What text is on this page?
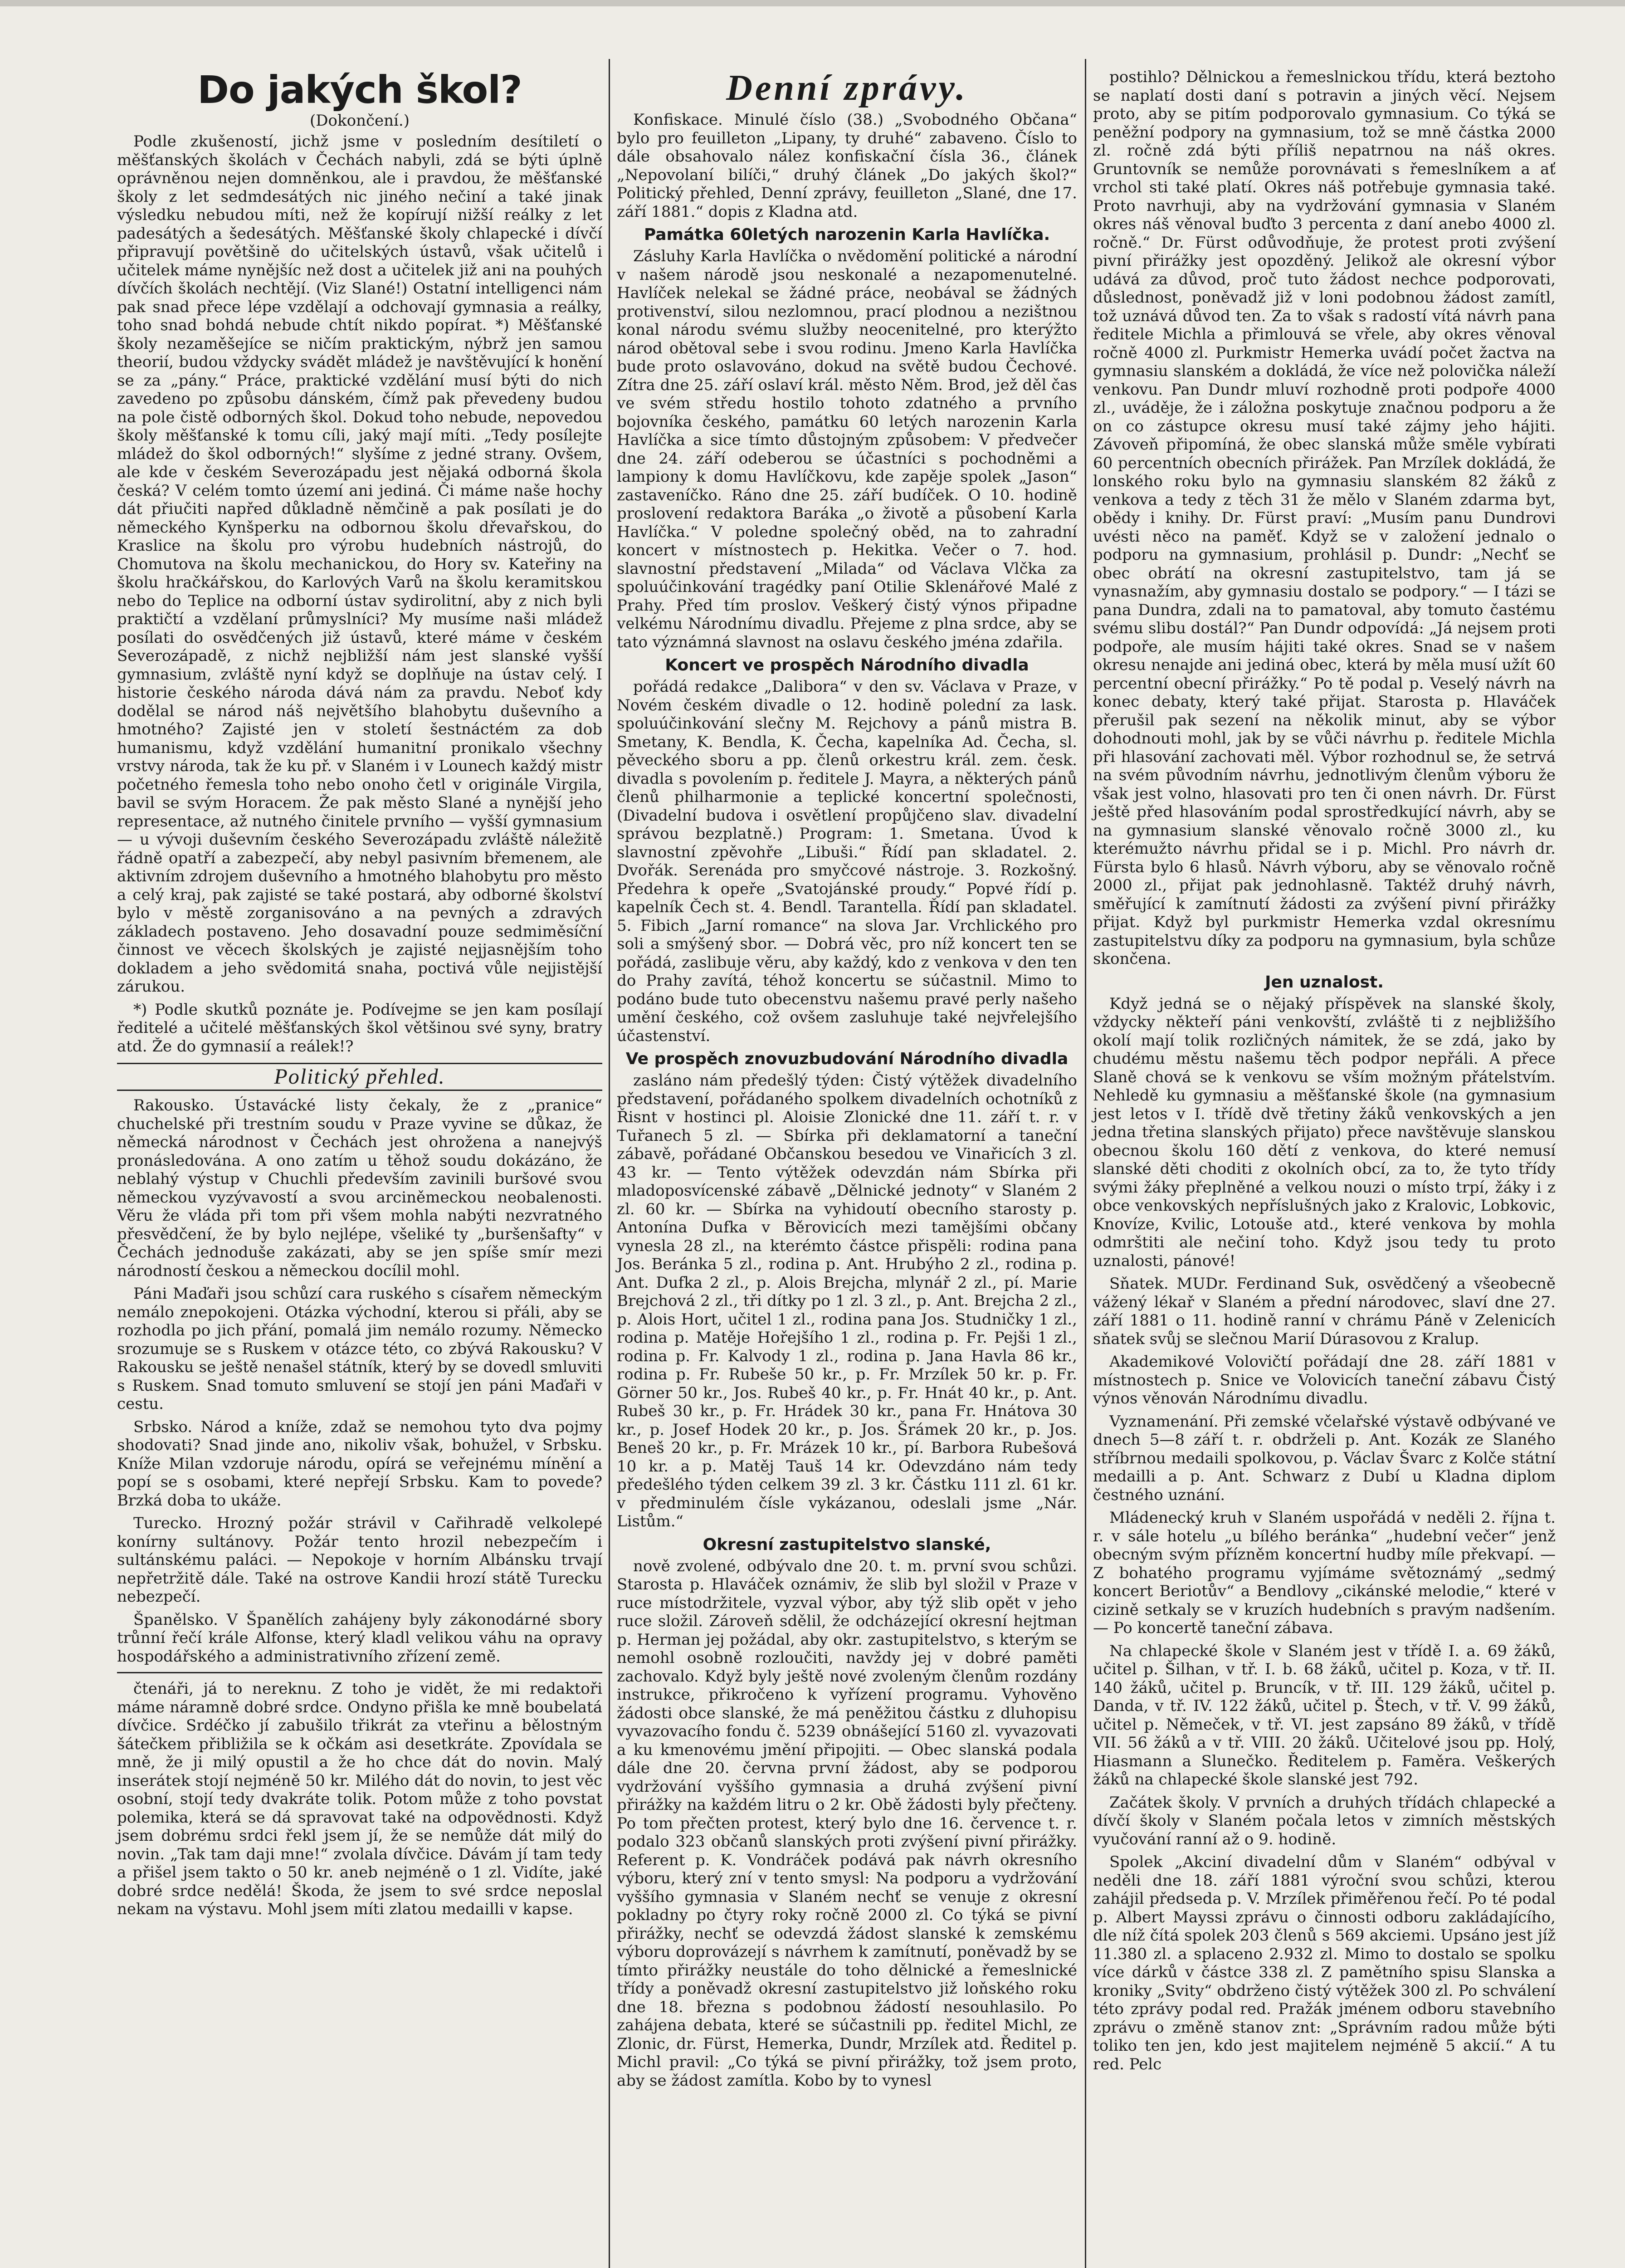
Do jakých škol?
(Dokončení.)

Podle zkušeností, jichž jsme v posledním desítiletí o měšťanských školách v Čechách nabyli, zdá se býti úplně oprávněnou nejen domněnkou, ale i pravdou, že měšťanské školy z let sedmdesátých nic jiného nečiní a také jinak výsledku nebudou míti, než že kopírují nižší reálky z let padesátých a šedesátých. Měšťanské školy chlapecké i dívčí připravují povětšině do učitelských ústavů, však učitelů i učitelek máme nynějšíc než dost a učitelek již ani na pouhých dívčích školách nechtějí. (Viz Slané!) Ostatní intelligenci nám pak snad přece lépe vzdělají a odchovají gymnasia a reálky, toho snad bohdá nebude chtít nikdo popírat. *) Měšťanské školy nezaměšejíce se ničím praktickým, nýbrž jen samou theorií, budou vždycky svádět mládež je navštěvující k honění se za „pány.“ Práce, praktické vzdělání musí býti do nich zavedeno po způsobu dánském, čímž pak převedeny budou na pole čistě odborných škol. Dokud toho nebude, nepovedou školy měšťanské k tomu cíli, jaký mají míti. „Tedy posílejte mládež do škol odborných!“ slyšíme z jedné strany. Ovšem, ale kde v českém Severozápadu jest nějaká odborná škola česká? V celém tomto území ani jediná. Či máme naše hochy dát přiučiti napřed důkladně němčině a pak posílati je do německého Kynšperku na odbornou školu dřevařskou, do Kraslice na školu pro výrobu hudebních nástrojů, do Chomutova na školu mechanickou, do Hory sv. Kateřiny na školu hračkářskou, do Karlových Varů na školu keramitskou nebo do Teplice na odborní ústav sydirolitní, aby z nich byli praktičtí a vzdělaní průmyslníci? My musíme naši mládež posílati do osvědčených již ústavů, které máme v českém Severozápadě, z nichž nejbližší nám jest slanské vyšší gymnasium, zvláště nyní když se doplňuje na ústav celý. I historie českého národa dává nám za pravdu. Neboť kdy dodělal se národ náš největšího blahobytu duševního a hmotného? Zajisté jen v století šestnáctém za dob humanismu, když vzdělání humanitní pronikalo všechny vrstvy národa, tak že ku př. v Slaném i v Lounech každý mistr početného řemesla toho nebo onoho četl v originále Virgila, bavil se svým Horacem. Že pak město Slané a nynější jeho representace, až nutného činitele prvního — vyšší gymnasium — u vývoji duševním českého Severozápadu zvláště náležitě řádně opatří a zabezpečí, aby nebyl pasivním břemenem, ale aktivním zdrojem duševního a hmotného blahobytu pro město a celý kraj, pak zajisté se také postará, aby odborné školství bylo v městě zorganisováno a na pevných a zdravých základech postaveno. Jeho dosavadní pouze sedmiměsíční činnost ve věcech školských je zajisté nejjasnějším toho dokladem a jeho svědomitá snaha, poctivá vůle nejjistější zárukou.

*) Podle skutků poznáte je. Podívejme se jen kam posílají ředitelé a učitelé měšťanských škol většinou své syny, bratry atd. Že do gymnasií a reálek!?

Politický přehled.

Rakousko. Ústavácké listy čekaly, že z „pranice“ chuchelské při trestním soudu v Praze vyvine se důkaz, že německá národnost v Čechách jest ohrožena a nanejvýš pronásledována. A ono zatím u těhož soudu dokázáno, že neblahý výstup v Chuchli především zavinili buršové svou německou vyzývavostí a svou arciněmeckou neobalenosti. Věru že vláda při tom při všem mohla nabýti nezvratného přesvědčení, že by bylo nejlépe, všeliké ty „buršenšafty“ v Čechách jednoduše zakázati, aby se jen spíše smír mezi národností českou a německou docílil mohl.

Páni Maďaři jsou schůzí cara ruského s císařem německým nemálo znepokojeni. Otázka východní, kterou si přáli, aby se rozhodla po jich přání, pomalá jim nemálo rozumy. Německo srozumuje se s Ruskem v otázce této, co zbývá Rakousku? V Rakousku se ještě nenašel státník, který by se dovedl smluviti s Ruskem. Snad tomuto smluvení se stojí jen páni Maďaři v cestu.

Srbsko. Národ a kníže, zdaž se nemohou tyto dva pojmy shodovati? Snad jinde ano, nikoliv však, bohužel, v Srbsku. Kníže Milan vzdoruje národu, opírá se veřejnému mínění a popí se s osobami, které nepřejí Srbsku. Kam to povede? Brzká doba to ukáže.

Turecko. Hrozný požár strávil v Cařihradě velkolepé konírny sultánovy. Požár tento hrozil nebezpečím i sultánskému paláci. — Nepokoje v horním Albánsku trvají nepřetržitě dále. Také na ostrove Kandii hrozí státě Turecku nebezpečí.

Španělsko. V Španělích zahájeny byly zákonodárné sbory trůnní řečí krále Alfonse, který kladl velikou váhu na opravy hospodářského a administrativního zřízení země.

čtenáři, já to nereknu. Z toho je vidět, že mi redaktoři máme náramně dobré srdce. Ondyno přišla ke mně boubelatá dívčice. Srdéčko jí zabušilo třikrát za vteřinu a bělostným šátečkem přibližila se k očkám asi desetkráte. Zpovídala se mně, že ji milý opustil a že ho chce dát do novin. Malý inserátek stojí nejméně 50 kr. Milého dát do novin, to jest věc osobní, stojí tedy dvakráte tolik. Potom může z toho povstat polemika, která se dá spravovat také na odpovědnosti. Když jsem dobrému srdci řekl jsem jí, že se nemůže dát milý do novin. „Tak tam daji mne!“ zvolala dívčice. Dávám jí tam tedy a přišel jsem takto o 50 kr. aneb nejméně o 1 zl. Vidíte, jaké dobré srdce nedělá! Škoda, že jsem to své srdce neposlal nekam na výstavu. Mohl jsem míti zlatou medailli v kapse.

Denní zprávy.

Konfiskace. Minulé číslo (38.) „Svobodného Občana“ bylo pro feuilleton „Lipany, ty druhé“ zabaveno. Číslo to dále obsahovalo nález konfiskační čísla 36., článek „Nepovolaní bilíči,“ druhý článek „Do jakých škol?“ Politický přehled, Denní zprávy, feuilleton „Slané, dne 17. září 1881.“ dopis z Kladna atd.

Památka 60letých narozenin Karla Havlíčka.

Zásluhy Karla Havlíčka o nvědomění politické a národní v našem národě jsou neskonalé a nezapomenutelné. Havlíček nelekal se žádné práce, neobával se žádných protivenství, silou nezlomnou, prací plodnou a nezištnou konal národu svému služby neocenitelné, pro kterýžto národ obětoval sebe i svou rodinu. Jmeno Karla Havlíčka bude proto oslavováno, dokud na světě budou Čechové. Zítra dne 25. září oslaví král. město Něm. Brod, jež děl čas ve svém středu hostilo tohoto zdatného a prvního bojovníka českého, památku 60 letých narozenin Karla Havlíčka a sice tímto důstojným způsobem: V předvečer dne 24. září odeberou se účastníci s pochodněmi a lampiony k domu Havlíčkovu, kde zapěje spolek „Jason“ zastaveníčko. Ráno dne 25. září budíček. O 10. hodině proslovení redaktora Baráka „o životě a působení Karla Havlíčka.“ V poledne společný oběd, na to zahradní koncert v místnostech p. Hekitka. Večer o 7. hod. slavnostní představení „Milada“ od Václava Vlčka za spoluúčinkování tragédky paní Otilie Sklenářové Malé z Prahy. Před tím proslov. Veškerý čistý výnos připadne velkému Národnímu divadlu. Přejeme z plna srdce, aby se tato význámná slavnost na oslavu českého jména zdařila.

Koncert ve prospěch Národního divadla

pořádá redakce „Dalibora“ v den sv. Václava v Praze, v Novém českém divadle o 12. hodině polední za lask. spoluúčinkování slečny M. Rejchovy a pánů mistra B. Smetany, K. Bendla, K. Čecha, kapelníka Ad. Čecha, sl. pěveckého sboru a pp. členů orkestru král. zem. česk. divadla s povolením p. ředitele J. Mayra, a některých pánů členů philharmonie a teplické koncertní společnosti, (Divadelní budova i osvětlení propůjčeno slav. divadelní správou bezplatně.) Program: 1. Smetana. Úvod k slavnostní zpěvohře „Libuši.“ Řídí pan skladatel. 2. Dvořák. Serenáda pro smyčcové nástroje. 3. Rozkošný. Předehra k opeře „Svatojánské proudy.“ Popvé řídí p. kapelník Čech st. 4. Bendl. Tarantella. Řídí pan skladatel. 5. Fibich „Jarní romance“ na slova Jar. Vrchlického pro soli a smýšený sbor. — Dobrá věc, pro níž koncert ten se pořádá, zaslibuje věru, aby každý, kdo z venkova v den ten do Prahy zavítá, téhož koncertu se súčastnil. Mimo to podáno bude tuto obecenstvu našemu pravé perly našeho umění českého, což ovšem zasluhuje také nejvřelejšího účastenství.

Ve prospěch znovuzbudování Národního divadla

zasláno nám předešlý týden: Čistý výtěžek divadelního představení, pořádaného spolkem divadelních ochotníků z Řisnt v hostinci pl. Aloisie Zlonické dne 11. září t. r. v Tuřanech 5 zl. — Sbírka při deklamatorní a taneční zábavě, pořádané Občanskou besedou ve Vinařicích 3 zl. 43 kr. — Tento výtěžek odevzdán nám Sbírka při mladoposvícenské zábavě „Dělnické jednoty“ v Slaném 2 zl. 60 kr. — Sbírka na vyhidoutí obecního starosty p. Antonína Dufka v Běrovicích mezi tamějšími občany vynesla 28 zl., na kterémto částce přispěli: rodina pana Jos. Beránka 5 zl., rodina p. Ant. Hrubýho 2 zl., rodina p. Ant. Dufka 2 zl., p. Alois Brejcha, mlynář 2 zl., pí. Marie Brejchová 2 zl., tři dítky po 1 zl. 3 zl., p. Ant. Brejcha 2 zl., p. Alois Hort, učitel 1 zl., rodina pana Jos. Studničky 1 zl., rodina p. Matěje Hořejšího 1 zl., rodina p. Fr. Pejši 1 zl., rodina p. Fr. Kalvody 1 zl., rodina p. Jana Havla 86 kr., rodina p. Fr. Rubeše 50 kr., p. Fr. Mrzílek 50 kr. p. Fr. Görner 50 kr., Jos. Rubeš 40 kr., p. Fr. Hnát 40 kr., p. Ant. Rubeš 30 kr., p. Fr. Hrádek 30 kr., pana Fr. Hnátova 30 kr., p. Josef Hodek 20 kr., p. Jos. Šrámek 20 kr., p. Jos. Beneš 20 kr., p. Fr. Mrázek 10 kr., pí. Barbora Rubešová 10 kr. a p. Matěj Tauš 14 kr. Odevzdáno nám tedy předešlého týden celkem 39 zl. 3 kr. Částku 111 zl. 61 kr. v předminulém čísle vykázanou, odeslali jsme „Nár. Listům.“

Okresní zastupitelstvo slanské,

nově zvolené, odbývalo dne 20. t. m. první svou schůzi. Starosta p. Hlaváček oznámiv, že slib byl složil v Praze v ruce místodržitele, vyzval výbor, aby týž slib opět v jeho ruce složil. Zároveň sdělil, že odcházející okresní hejtman p. Herman jej požádal, aby okr. zastupitelstvo, s kterým se nemohl osobně rozloučiti, navždy jej v dobré paměti zachovalo. Když byly ještě nové zvoleným členům rozdány instrukce, přikročeno k vyřízení programu. Vyhověno žádosti obce slanské, že má peněžitou částku z dluhopisu vyvazovacího fondu č. 5239 obnášející 5160 zl. vyvazovati a ku kmenovému jmění připojiti. — Obec slanská podala dále dne 20. června první žádost, aby se podporou vydržování vyššího gymnasia a druhá zvýšení pivní přirážky na každém litru o 2 kr. Obě žádosti byly přečteny. Po tom přečten protest, který bylo dne 16. července t. r. podalo 323 občanů slanských proti zvýšení pivní přirážky. Referent p. K. Vondráček podává pak návrh okresního výboru, který zní v tento smysl: Na podporu a vydržování vyššího gymnasia v Slaném nechť se venuje z okresní pokladny po čtyry roky ročně 2000 zl. Co týká se pivní přirážky, nechť se odevzdá žádost slanské k zemskému výboru doprovázejí s návrhem k zamítnutí, poněvadž by se tímto přirážky neustále do toho dělnické a řemeslnické třídy a poněvadž okresní zastupitelstvo již loňského roku dne 18. března s podobnou žádostí nesouhlasilo. Po zahájena debata, které se súčastnili pp. ředitel Michl, ze Zlonic, dr. Fürst, Hemerka, Dundr, Mrzílek atd. Ředitel p. Michl pravil: „Co týká se pivní přirážky, tož jsem proto, aby se žádost zamítla. Kobo by to vynesl

postihlo? Dělnickou a řemeslnickou třídu, která beztoho se naplatí dosti daní s potravin a jiných věcí. Nejsem proto, aby se pitím podporovalo gymnasium. Co týká se peněžní podpory na gymnasium, tož se mně částka 2000 zl. ročně zdá býti příliš nepatrnou na náš okres. Gruntovník se nemůže porovnávati s řemeslníkem a ať vrchol sti také platí. Okres náš potřebuje gymnasia také. Proto navrhuji, aby na vydržování gymnasia v Slaném okres náš věnoval buďto 3 percenta z daní anebo 4000 zl. ročně.“ Dr. Fürst odůvodňuje, že protest proti zvýšení pivní přirážky jest opozděný. Jelikož ale okresní výbor udává za důvod, proč tuto žádost nechce podporovati, důslednost, poněvadž již v loni podobnou žádost zamítl, tož uznává důvod ten. Za to však s radostí vítá návrh pana ředitele Michla a přimlouvá se vřele, aby okres věnoval ročně 4000 zl. Purkmistr Hemerka uvádí počet žactva na gymnasiu slanském a dokládá, že více než polovička náleží venkovu. Pan Dundr mluví rozhodně proti podpoře 4000 zl., uváděje, že i záložna poskytuje značnou podporu a že on co zástupce okresu musí také zájmy jeho hájiti. Závoveň připomíná, že obec slanská může směle vybírati 60 percentních obecních přirážek. Pan Mrzílek dokládá, že lonského roku bylo na gymnasiu slanském 82 žáků z venkova a tedy z těch 31 že mělo v Slaném zdarma byt, obědy i knihy. Dr. Fürst praví: „Musím panu Dundrovi uvésti něco na paměť. Když se v založení jednalo o podporu na gymnasium, prohlásil p. Dundr: „Nechť se obec obrátí na okresní zastupitelstvo, tam já se vynasnažím, aby gymnasiu dostalo se podpory.“ — I tázi se pana Dundra, zdali na to pamatoval, aby tomuto častému svému slibu dostál?“ Pan Dundr odpovídá: „Já nejsem proti podpoře, ale musím hájiti také okres. Snad se v našem okresu nenajde ani jediná obec, která by měla musí užít 60 percentní obecní přirážky.“ Po tě podal p. Veselý návrh na konec debaty, který také přijat. Starosta p. Hlaváček přerušil pak sezení na několik minut, aby se výbor dohodnouti mohl, jak by se vůči návrhu p. ředitele Michla při hlasování zachovati měl. Výbor rozhodnul se, že setrvá na svém původním návrhu, jednotlivým členům výboru že však jest volno, hlasovati pro ten či onen návrh. Dr. Fürst ještě před hlasováním podal sprostředkující návrh, aby se na gymnasium slanské věnovalo ročně 3000 zl., ku kterémužto návrhu přidal se i p. Michl. Pro návrh dr. Fürsta bylo 6 hlasů. Návrh výboru, aby se věnovalo ročně 2000 zl., přijat pak jednohlasně. Taktéž druhý návrh, směřující k zamítnutí žádosti za zvýšení pivní přirážky přijat. Když byl purkmistr Hemerka vzdal okresnímu zastupitelstvu díky za podporu na gymnasium, byla schůze skončena.

Jen uznalost.

Když jedná se o nějaký příspěvek na slanské školy, vždycky někteří páni venkovští, zvláště ti z nejbližšího okolí mají tolik rozličných námitek, že se zdá, jako by chudému městu našemu těch podpor nepřáli. A přece Slaně chová se k venkovu se vším možným přátelstvím. Nehledě ku gymnasiu a měšťanské škole (na gymnasium jest letos v I. třídě dvě třetiny žáků venkovských a jen jedna třetina slanských přijato) přece navštěvuje slanskou obecnou školu 160 dětí z venkova, do které nemusí slanské děti choditi z okolních obcí, za to, že tyto třídy svými žáky přeplněné a velkou nouzi o místo trpí, žáky i z obce venkovských nepříslušných jako z Kralovic, Lobkovic, Knovíze, Kvilic, Lotouše atd., které venkova by mohla odmrštiti ale nečiní toho. Když jsou tedy tu proto uznalosti, pánové!

Sňatek. MUDr. Ferdinand Suk, osvědčený a všeobecně vážený lékař v Slaném a přední národovec, slaví dne 27. září 1881 o 11. hodině ranní v chrámu Páně v Zelenicích sňatek svůj se slečnou Marií Dúrasovou z Kralup.

Akademikové Volovičtí pořádají dne 28. září 1881 v místnostech p. Snice ve Volovicích taneční zábavu Čistý výnos věnován Národnímu divadlu.

Vyznamenání. Při zemské včelařské výstavě odbývané ve dnech 5—8 září t. r. obdrželi p. Ant. Kozák ze Slaného stříbrnou medaili spolkovou, p. Václav Švarc z Kolče státní medailli a p. Ant. Schwarz z Dubí u Kladna diplom čestného uznání.

Mládenecký kruh v Slaném uspořádá v neděli 2. října t. r. v sále hotelu „u bílého beránka“ „hudební večer“ jenž obecným svým přízněm koncertní hudby míle překvapí. — Z bohatého programu vyjímáme světoznámý „sedmý koncert Beriotův“ a Bendlovy „cikánské melodie,“ které v cizině setkaly se v kruzích hudebních s pravým nadšením. — Po koncertě taneční zábava.

Na chlapecké škole v Slaném jest v třídě I. a. 69 žáků, učitel p. Šilhan, v tř. I. b. 68 žáků, učitel p. Koza, v tř. II. 140 žáků, učitel p. Bruncík, v tř. III. 129 žáků, učitel p. Danda, v tř. IV. 122 žáků, učitel p. Štech, v tř. V. 99 žáků, učitel p. Němeček, v tř. VI. jest zapsáno 89 žáků, v třídě VII. 56 žáků a v tř. VIII. 20 žáků. Učitelové jsou pp. Holý, Hiasmann a Slunečko. Ředitelem p. Faměra. Veškerých žáků na chlapecké škole slanské jest 792.

Začátek školy. V prvních a druhých třídách chlapecké a dívčí školy v Slaném počala letos v zimních městských vyučování ranní až o 9. hodině.

Spolek „Akciní divadelní dům v Slaném“ odbýval v neděli dne 18. září 1881 výroční svou schůzi, kterou zahájil předseda p. V. Mrzílek přiměřenou řečí. Po té podal p. Albert Mayssi zprávu o činnosti odboru zakládajícího, dle níž čítá spolek 203 členů s 569 akciemi. Upsáno jest jíž 11.380 zl. a splaceno 2.932 zl. Mimo to dostalo se spolku více dárků v částce 338 zl. Z pamětního spisu Slanska a kroniky „Svity“ obdrženo čistý výtěžek 300 zl. Po schválení této zprávy podal red. Pražák jménem odboru stavebního zprávu o změně stanov znt: „Správním radou může býti toliko ten jen, kdo jest majitelem nejméně 5 akcií.“ A tu red. Pelc
